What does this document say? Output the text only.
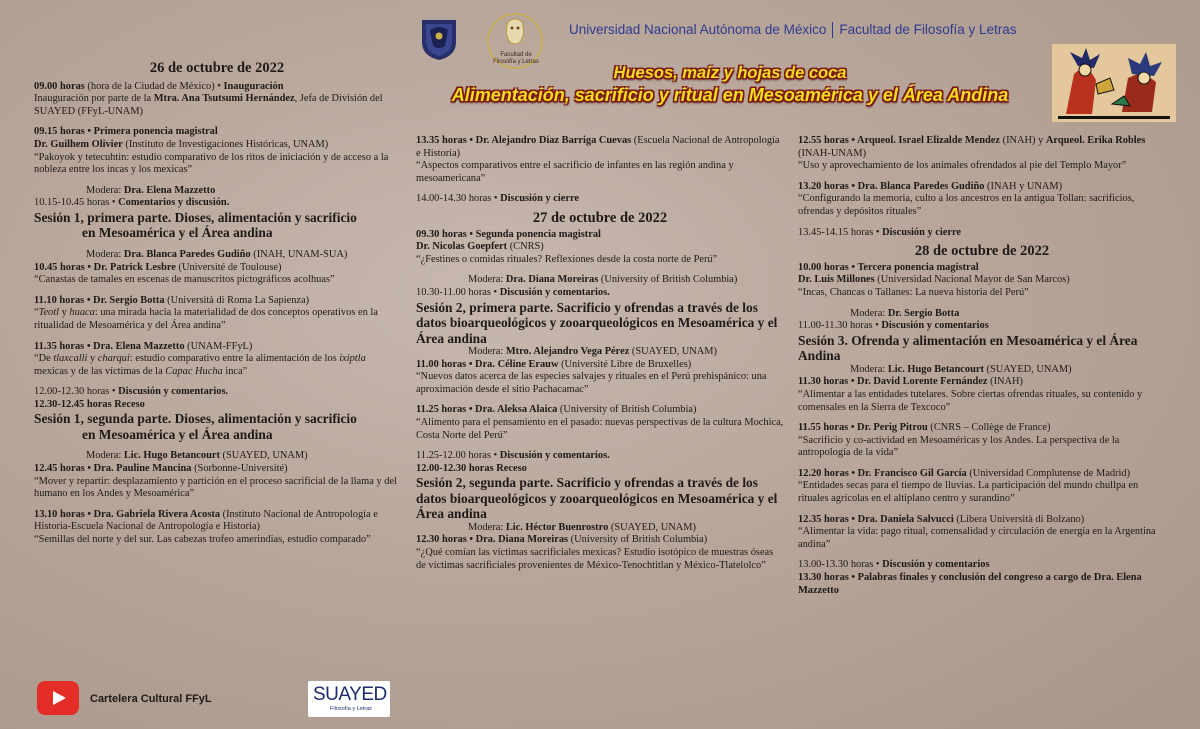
Facultad de Filosofía y Letras
Universidad Nacional Autónoma de México Facultad de Filosofía y Letras
Huesos, maíz y hojas de coca
Alimentación, sacrificio y ritual en Mesoamérica y el Área Andina

26 de octubre de 2022

09.00 horas (hora de la Ciudad de México) • Inauguración

Inauguración por parte de la Mtra. Ana Tsutsumi Hernández, Jefa de División del SUAYED (FFyL-UNAM)

09.15 horas • Primera ponencia magistral

Dr. Guilhem Olivier (Instituto de Investigaciones Históricas, UNAM)

“Pakoyok y tetecuhtin: estudio comparativo de los ritos de iniciación y de acceso a la nobleza entre los incas y los mexicas”

Modera: Dra. Elena Mazzetto

10.15-10.45 horas • Comentarios y discusión.

Sesión 1, primera parte. Dioses, alimentación y sacrificio

en Mesoamérica y el Área andina

Modera: Dra. Blanca Paredes Gudiño (INAH, UNAM-SUA)

10.45 horas • Dr. Patrick Lesbre (Université de Toulouse)

“Canastas de tamales en escenas de manuscritos pictográficos acolhuas”

11.10 horas • Dr. Sergio Botta (Università di Roma La Sapienza)

“Teotl y huaca: una mirada hacia la materialidad de dos conceptos operativos en la ritualidad de Mesoamérica y del Área andina”

11.35 horas • Dra. Elena Mazzetto (UNAM-FFyL)

“De tlaxcalli y charqui: estudio comparativo entre la alimentación de los ixiptla mexicas y de las víctimas de la Capac Hucha inca”

12.00-12.30 horas • Discusión y comentarios.

12.30-12.45 horas Receso

Sesión 1, segunda parte. Dioses, alimentación y sacrificio

en Mesoamérica y el Área andina

Modera: Lic. Hugo Betancourt (SUAYED, UNAM)

12.45 horas • Dra. Pauline Mancina (Sorbonne-Université)

“Mover y repartir: desplazamiento y partición en el proceso sacrificial de la llama y del humano en los Andes y Mesoamérica”

13.10 horas • Dra. Gabriela Rivera Acosta (Instituto Nacional de Antropología e Historia-Escuela Nacional de Antropología e Historia)

“Semillas del norte y del sur. Las cabezas trofeo amerindias, estudio comparado”

13.35 horas • Dr. Alejandro Díaz Barriga Cuevas (Escuela Nacional de Antropología e Historia)

“Aspectos comparativos entre el sacrificio de infantes en las región andina y mesoamericana”

14.00-14.30 horas • Discusión y cierre

27 de octubre de 2022

09.30 horas • Segunda ponencia magistral

Dr. Nicolas Goepfert (CNRS)

“¿Festines o comidas rituales? Reflexiones desde la costa norte de Perú”

Modera: Dra. Diana Moreiras (University of British Columbia)

10.30-11.00 horas • Discusión y comentarios.

Sesión 2, primera parte. Sacrificio y ofrendas a través de los datos bioarqueológicos y zooarqueológicos en Mesoamérica y el Área andina

Modera: Mtro. Alejandro Vega Pérez (SUAYED, UNAM)

11.00 horas • Dra. Céline Erauw (Université Libre de Bruxelles)

“Nuevos datos acerca de las especies salvajes y rituales en el Perú prehispánico: una aproximación desde el sitio Pachacamac”

11.25 horas • Dra. Aleksa Alaica (University of British Columbia)

“Alimento para el pensamiento en el pasado: nuevas perspectivas de la cultura Mochica, Costa Norte del Perú”

11.25-12.00 horas • Discusión y comentarios.

12.00-12.30 horas Receso

Sesión 2, segunda parte. Sacrificio y ofrendas a través de los datos bioarqueológicos y zooarqueológicos en Mesoamérica y el Área andina

Modera: Lic. Héctor Buenrostro (SUAYED, UNAM)

12.30 horas • Dra. Diana Moreiras (University of British Columbia)

“¿Qué comían las víctimas sacrificiales mexicas? Estudio isotópico de muestras óseas de víctimas sacrificiales provenientes de México-Tenochtitlan y México-Tlatelolco”

12.55 horas • Arqueol. Israel Elizalde Mendez (INAH) y Arqueol. Erika Robles (INAH-UNAM)

“Uso y aprovechamiento de los animales ofrendados al pie del Templo Mayor”

13.20 horas • Dra. Blanca Paredes Gudiño (INAH y UNAM)

“Configurando la memoria, culto a los ancestros en la antigua Tollan: sacrificios, ofrendas y depósitos rituales”

13.45-14.15 horas • Discusión y cierre

28 de octubre de 2022

10.00 horas • Tercera ponencia magistral

Dr. Luis Millones (Universidad Nacional Mayor de San Marcos)

“Incas, Chancas o Tallanes: La nueva historia del Perú”

Modera: Dr. Sergio Botta

11.00-11.30 horas • Discusión y comentarios

Sesión 3. Ofrenda y alimentación en Mesoamérica y el Área Andina

Modera: Lic. Hugo Betancourt (SUAYED, UNAM)

11.30 horas • Dr. David Lorente Fernández (INAH)

“Alimentar a las entidades tutelares. Sobre ciertas ofrendas rituales, su contenido y comensales en la Sierra de Texcoco”

11.55 horas • Dr. Perig Pitrou (CNRS – Collège de France)

“Sacrificio y co-actividad en Mesoaméricas y los Andes. La perspectiva de la antropología de la vida”

12.20 horas • Dr. Francisco Gil García (Universidad Complutense de Madrid)

“Entidades secas para el tiempo de lluvias. La participación del mundo chullpa en rituales agrícolas en el altiplano centro y surandino”

12.35 horas • Dra. Daniela Salvucci (Libera Università di Bolzano)

“Alimentar la vida: pago ritual, comensalidad y circulación de energía en la Argentina andina”

13.00-13.30 horas • Discusión y comentarios

13.30 horas • Palabras finales y conclusión del congreso a cargo de Dra. Elena Mazzetto

Cartelera Cultural FFyL	SUAYED
Filosofía y Letras
